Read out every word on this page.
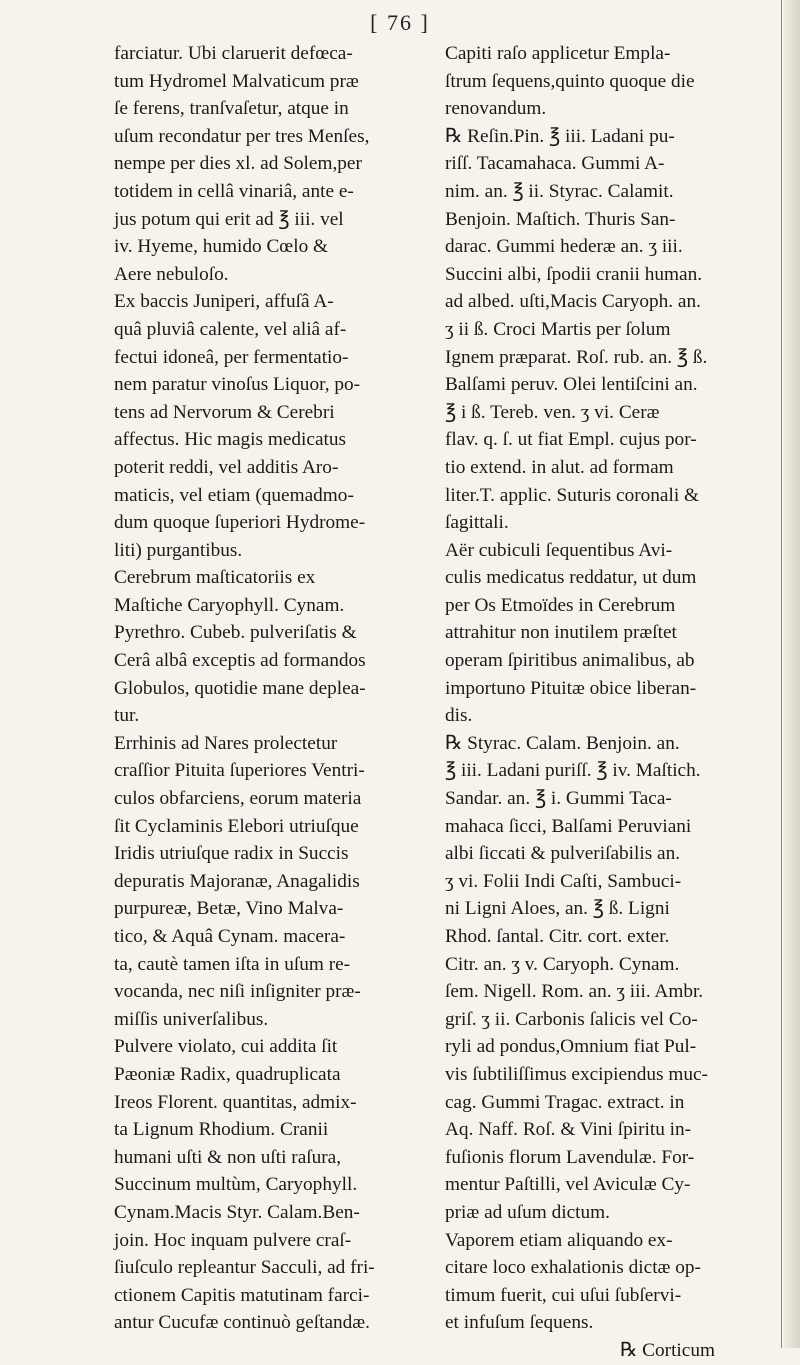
[ 76 ]

farciatur. Ubi claruerit defœca-
tum Hydromel Malvaticum præ
ſe ferens, tranſvaſetur, atque in
uſum recondatur per tres Menſes,
nempe per dies xl. ad Solem,per
totidem in cellâ vinariâ, ante e-
jus potum qui erit ad ℥ iii. vel
iv. Hyeme, humido Cœlo &
Aere nebuloſo.
Ex baccis Juniperi, affuſâ A-
quâ pluviâ calente, vel aliâ af-
fectui idoneâ, per fermentatio-
nem paratur vinoſus Liquor, po-
tens ad Nervorum & Cerebri
affectus. Hic magis medicatus
poterit reddi, vel additis Aro-
maticis, vel etiam (quemadmo-
dum quoque ſuperiori Hydrome-
liti) purgantibus.
Cerebrum maſticatoriis ex
Maſtiche Caryophyll. Cynam.
Pyrethro. Cubeb. pulveriſatis &
Cerâ albâ exceptis ad formandos
Globulos, quotidie mane deplea-
tur.
Errhinis ad Nares prolectetur
craſſior Pituita ſuperiores Ventri-
culos obfarciens, eorum materia
ſit Cyclaminis Elebori utriuſque
Iridis utriuſque radix in Succis
depuratis Majoranæ, Anagalidis
purpureæ, Betæ, Vino Malva-
tico, & Aquâ Cynam. macera-
ta, cautè tamen iſta in uſum re-
vocanda, nec niſi inſigniter præ-
miſſis univerſalibus.
Pulvere violato, cui addita ſit
Pæoniæ Radix, quadruplicata
Ireos Florent. quantitas, admix-
ta Lignum Rhodium. Cranii
humani uſti & non uſti raſura,
Succinum multùm, Caryophyll.
Cynam.Macis Styr. Calam.Ben-
join. Hoc inquam pulvere craſ-
ſiuſculo repleantur Sacculi, ad fri-
ctionem Capitis matutinam farci-
antur Cucufæ continuò geſtandæ.

Capiti raſo applicetur Empla-
ſtrum ſequens,quinto quoque die
renovandum.
℞ Reſin.Pin. ℥ iii. Ladani pu-
riſſ. Tacamahaca. Gummi A-
nim. an. ℥ ii. Styrac. Calamit.
Benjoin. Maſtich. Thuris San-
darac. Gummi hederæ an. ʒ iii.
Succini albi, ſpodii cranii human.
ad albed. uſti,Macis Caryoph. an.
ʒ ii ß. Croci Martis per ſolum
Ignem præparat. Roſ. rub. an. ℥ ß.
Balſami peruv. Olei lentiſcini an.
℥ i ß. Tereb. ven. ʒ vi. Ceræ
flav. q. ſ. ut fiat Empl. cujus por-
tio extend. in alut. ad formam
liter.T. applic. Suturis coronali &
ſagittali.
Aër cubiculi ſequentibus Avi-
culis medicatus reddatur, ut dum
per Os Etmoïdes in Cerebrum
attrahitur non inutilem præſtet
operam ſpiritibus animalibus, ab
importuno Pituitæ obice liberan-
dis.
℞ Styrac. Calam. Benjoin. an.
℥ iii. Ladani puriſſ. ℥ iv. Maſtich.
Sandar. an. ℥ i. Gummi Taca-
mahaca ſicci, Balſami Peruviani
albi ſiccati & pulveriſabilis an.
ʒ vi. Folii Indi Caſti, Sambuci-
ni Ligni Aloes, an. ℥ ß. Ligni
Rhod. ſantal. Citr. cort. exter.
Citr. an. ʒ v. Caryoph. Cynam.
ſem. Nigell. Rom. an. ʒ iii. Ambr.
griſ. ʒ ii. Carbonis ſalicis vel Co-
ryli ad pondus,Omnium fiat Pul-
vis ſubtiliſſimus excipiendus muc-
cag. Gummi Tragac. extract. in
Aq. Naff. Roſ. & Vini ſpiritu in-
fuſionis florum Lavendulæ. For-
mentur Paſtilli, vel Aviculæ Cy-
priæ ad uſum dictum.
Vaporem etiam aliquando ex-
citare loco exhalationis dictæ op-
timum fuerit, cui uſui ſubſervi-
et infuſum ſequens.

℞ Corticum
